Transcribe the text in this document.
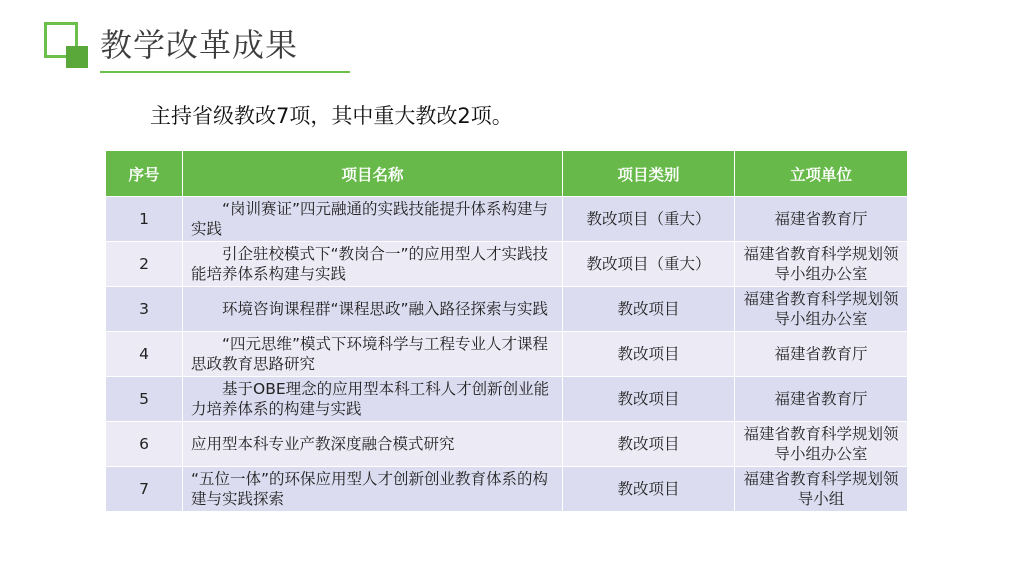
教学改革成果
主持省级教改7项，其中重大教改2项。
序号	项目名称	项目类别	立项单位
1	“岗训赛证”四元融通的实践技能提升体系构建与实践	教改项目（重大）	福建省教育厅
2	引企驻校模式下“教岗合一”的应用型人才实践技能培养体系构建与实践	教改项目（重大）	福建省教育科学规划领导小组办公室
3	环境咨询课程群“课程思政”融入路径探索与实践	教改项目	福建省教育科学规划领导小组办公室
4	“四元思维”模式下环境科学与工程专业人才课程思政教育思路研究	教改项目	福建省教育厅
5	基于OBE理念的应用型本科工科人才创新创业能力培养体系的构建与实践	教改项目	福建省教育厅
6	应用型本科专业产教深度融合模式研究	教改项目	福建省教育科学规划领导小组办公室
7	“五位一体”的环保应用型人才创新创业教育体系的构建与实践探索	教改项目	福建省教育科学规划领导小组
